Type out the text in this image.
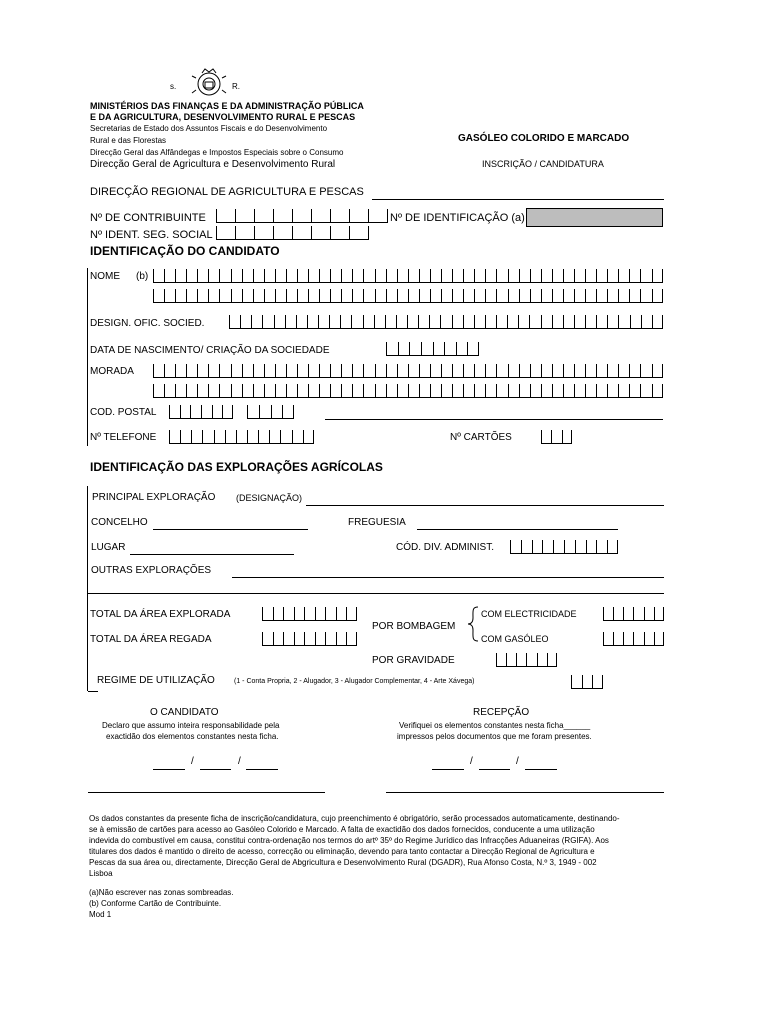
s.	R.
MINISTÉRIOS DAS FINANÇAS E DA ADMINISTRAÇÃO PÚBLICA
E DA AGRICULTURA, DESENVOLVIMENTO RURAL E PESCAS
Secretarias de Estado dos Assuntos Fiscais e do Desenvolvimento
Rural e das Florestas
Direcção Geral das Alfândegas e Impostos Especiais sobre o Consumo
Direcção Geral de Agricultura e Desenvolvimento Rural
GASÓLEO COLORIDO E MARCADO
INSCRIÇÃO / CANDIDATURA
DIRECÇÃO REGIONAL DE AGRICULTURA E PESCAS
Nº DE CONTRIBUINTE
Nº IDENT. SEG. SOCIAL
Nº DE IDENTIFICAÇÃO (a)
IDENTIFICAÇÃO DO CANDIDATO
NOME (b)
DESIGN. OFIC. SOCIED.
DATA DE NASCIMENTO/ CRIAÇÃO DA SOCIEDADE
MORADA
COD. POSTAL
Nº TELEFONE	Nº CARTÕES
IDENTIFICAÇÃO DAS EXPLORAÇÕES AGRÍCOLAS
PRINCIPAL EXPLORAÇÃO (DESIGNAÇÃO)
CONCELHO	FREGUESIA
LUGAR	CÓD. DIV. ADMINIST.
OUTRAS EXPLORAÇÕES
TOTAL DA ÁREA EXPLORADA
TOTAL DA ÁREA REGADA
POR BOMBAGEM
COM ELECTRICIDADE
COM GASÓLEO
POR GRAVIDADE
REGIME DE UTILIZAÇÃO	(1 - Conta Propria, 2 - Alugador, 3 - Alugador Complementar, 4 - Arte Xávega)
O CANDIDATO
Declaro que assumo inteira responsabilidade pela
exactidão dos elementos constantes nesta ficha.
/	/
RECEPÇÃO
Verifiquei os elementos constantes nesta ficha______
impressos pelos documentos que me foram presentes.
/	/
Os dados constantes da presente ficha de inscrição/candidatura, cujo preenchimento é obrigatório, serão processados automaticamente, destinando-
se à emissão de cartões para acesso ao Gasóleo Colorido e Marcado. A falta de exactidão dos dados fornecidos, conducente a uma utilização
indevida do combustível em causa, constitui contra-ordenação nos termos do artº 35º do Regime Jurídico das Infracções Aduaneiras (RGIFA). Aos
titulares dos dados é mantido o direito de acesso, correcção ou eliminação, devendo para tanto contactar a Direcção Regional de Agricultura e
Pescas da sua área ou, directamente, Direcção Geral de Abgricultura e Desenvolvimento Rural (DGADR), Rua Afonso Costa, N.º 3, 1949 - 002
Lisboa
(a)Não escrever nas zonas sombreadas.
(b) Conforme Cartão de Contribuinte.
Mod 1
